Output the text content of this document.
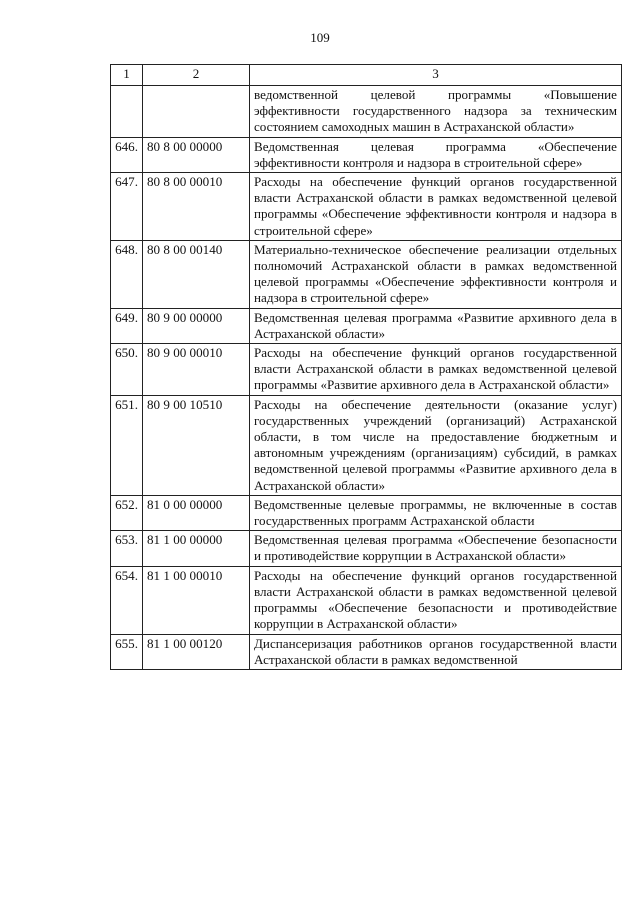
109
1	2	3
		ведомственной целевой программы «Повышение эффективности государственного надзора за техническим состоянием самоходных машин в Астраханской области»
646.	80 8 00 00000	Ведомственная целевая программа «Обеспечение эффективности контроля и надзора в строительной сфере»
647.	80 8 00 00010	Расходы на обеспечение функций органов государственной власти Астраханской области в рамках ведомственной целевой программы «Обеспечение эффективности контроля и надзора в строительной сфере»
648.	80 8 00 00140	Материально-техническое обеспечение реализации отдельных полномочий Астраханской области в рамках ведомственной целевой программы «Обеспечение эффективности контроля и надзора в строительной сфере»
649.	80 9 00 00000	Ведомственная целевая программа «Развитие архивного дела в Астраханской области»
650.	80 9 00 00010	Расходы на обеспечение функций органов государственной власти Астраханской области в рамках ведомственной целевой программы «Развитие архивного дела в Астраханской области»
651.	80 9 00 10510	Расходы на обеспечение деятельности (оказание услуг) государственных учреждений (организаций) Астраханской области, в том числе на предоставление бюджетным и автономным учреждениям (организациям) субсидий, в рамках ведомственной целевой программы «Развитие архивного дела в Астраханской области»
652.	81 0 00 00000	Ведомственные целевые программы, не включенные в состав государственных программ Астраханской области
653.	81 1 00 00000	Ведомственная целевая программа «Обеспечение безопасности и противодействие коррупции в Астраханской области»
654.	81 1 00 00010	Расходы на обеспечение функций органов государственной власти Астраханской области в рамках ведомственной целевой программы «Обеспечение безопасности и противодействие коррупции в Астраханской области»
655.	81 1 00 00120	Диспансеризация работников органов государственной власти Астраханской области в рамках ведомственной
